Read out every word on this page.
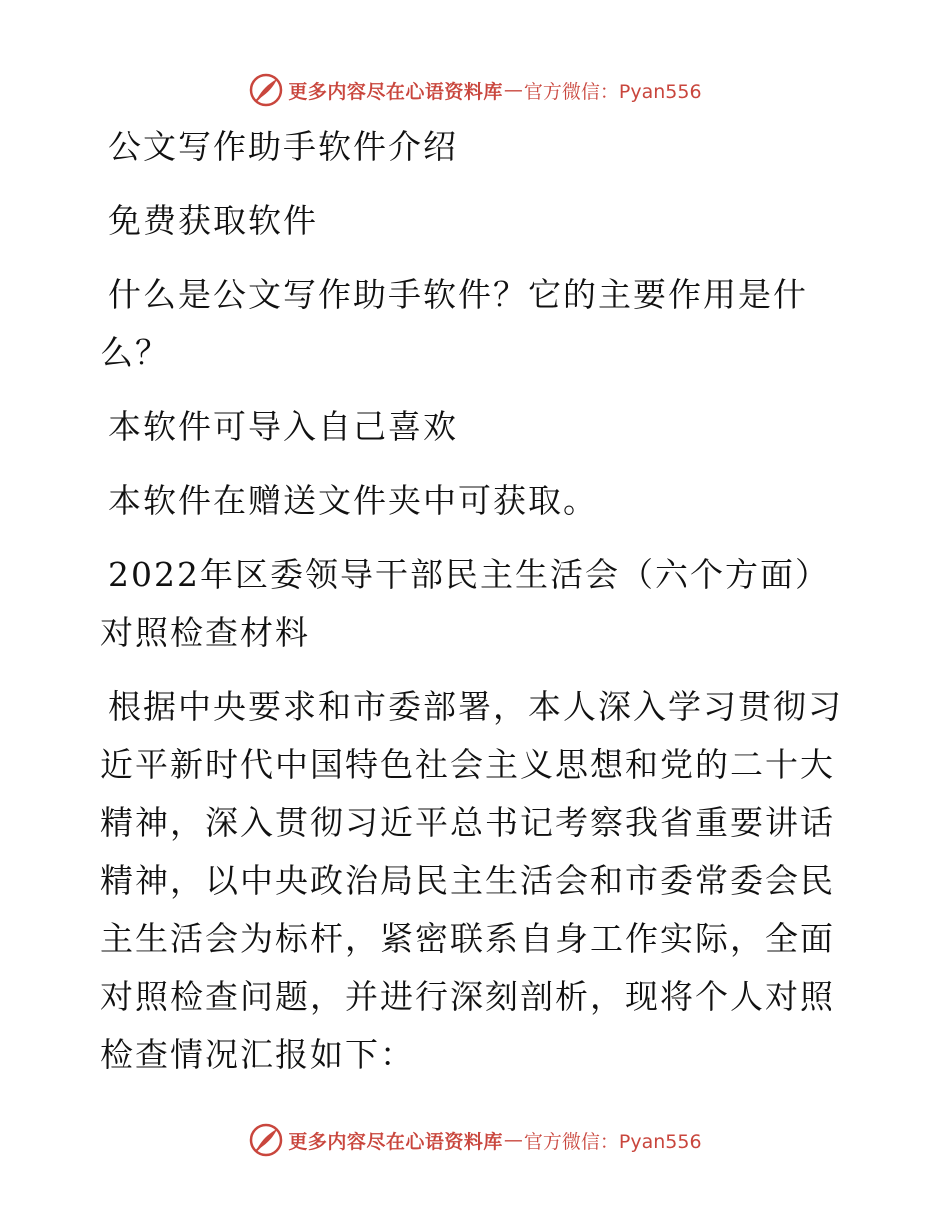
更多内容尽在心语资料库 — 官方微信：Pyan556

公文写作助手软件介绍

免费获取软件

什么是公文写作助手软件？它的主要作用是什么？

本软件可导入自己喜欢

本软件在赠送文件夹中可获取。

2022年区委领导干部民主生活会（六个方面）对照检查材料

根据中央要求和市委部署，本人深入学习贯彻习近平新时代中国特色社会主义思想和党的二十大精神，深入贯彻习近平总书记考察我省重要讲话精神，以中央政治局民主生活会和市委常委会民主生活会为标杆，紧密联系自身工作实际，全面对照检查问题，并进行深刻剖析，现将个人对照检查情况汇报如下：

更多内容尽在心语资料库 — 官方微信：Pyan556
